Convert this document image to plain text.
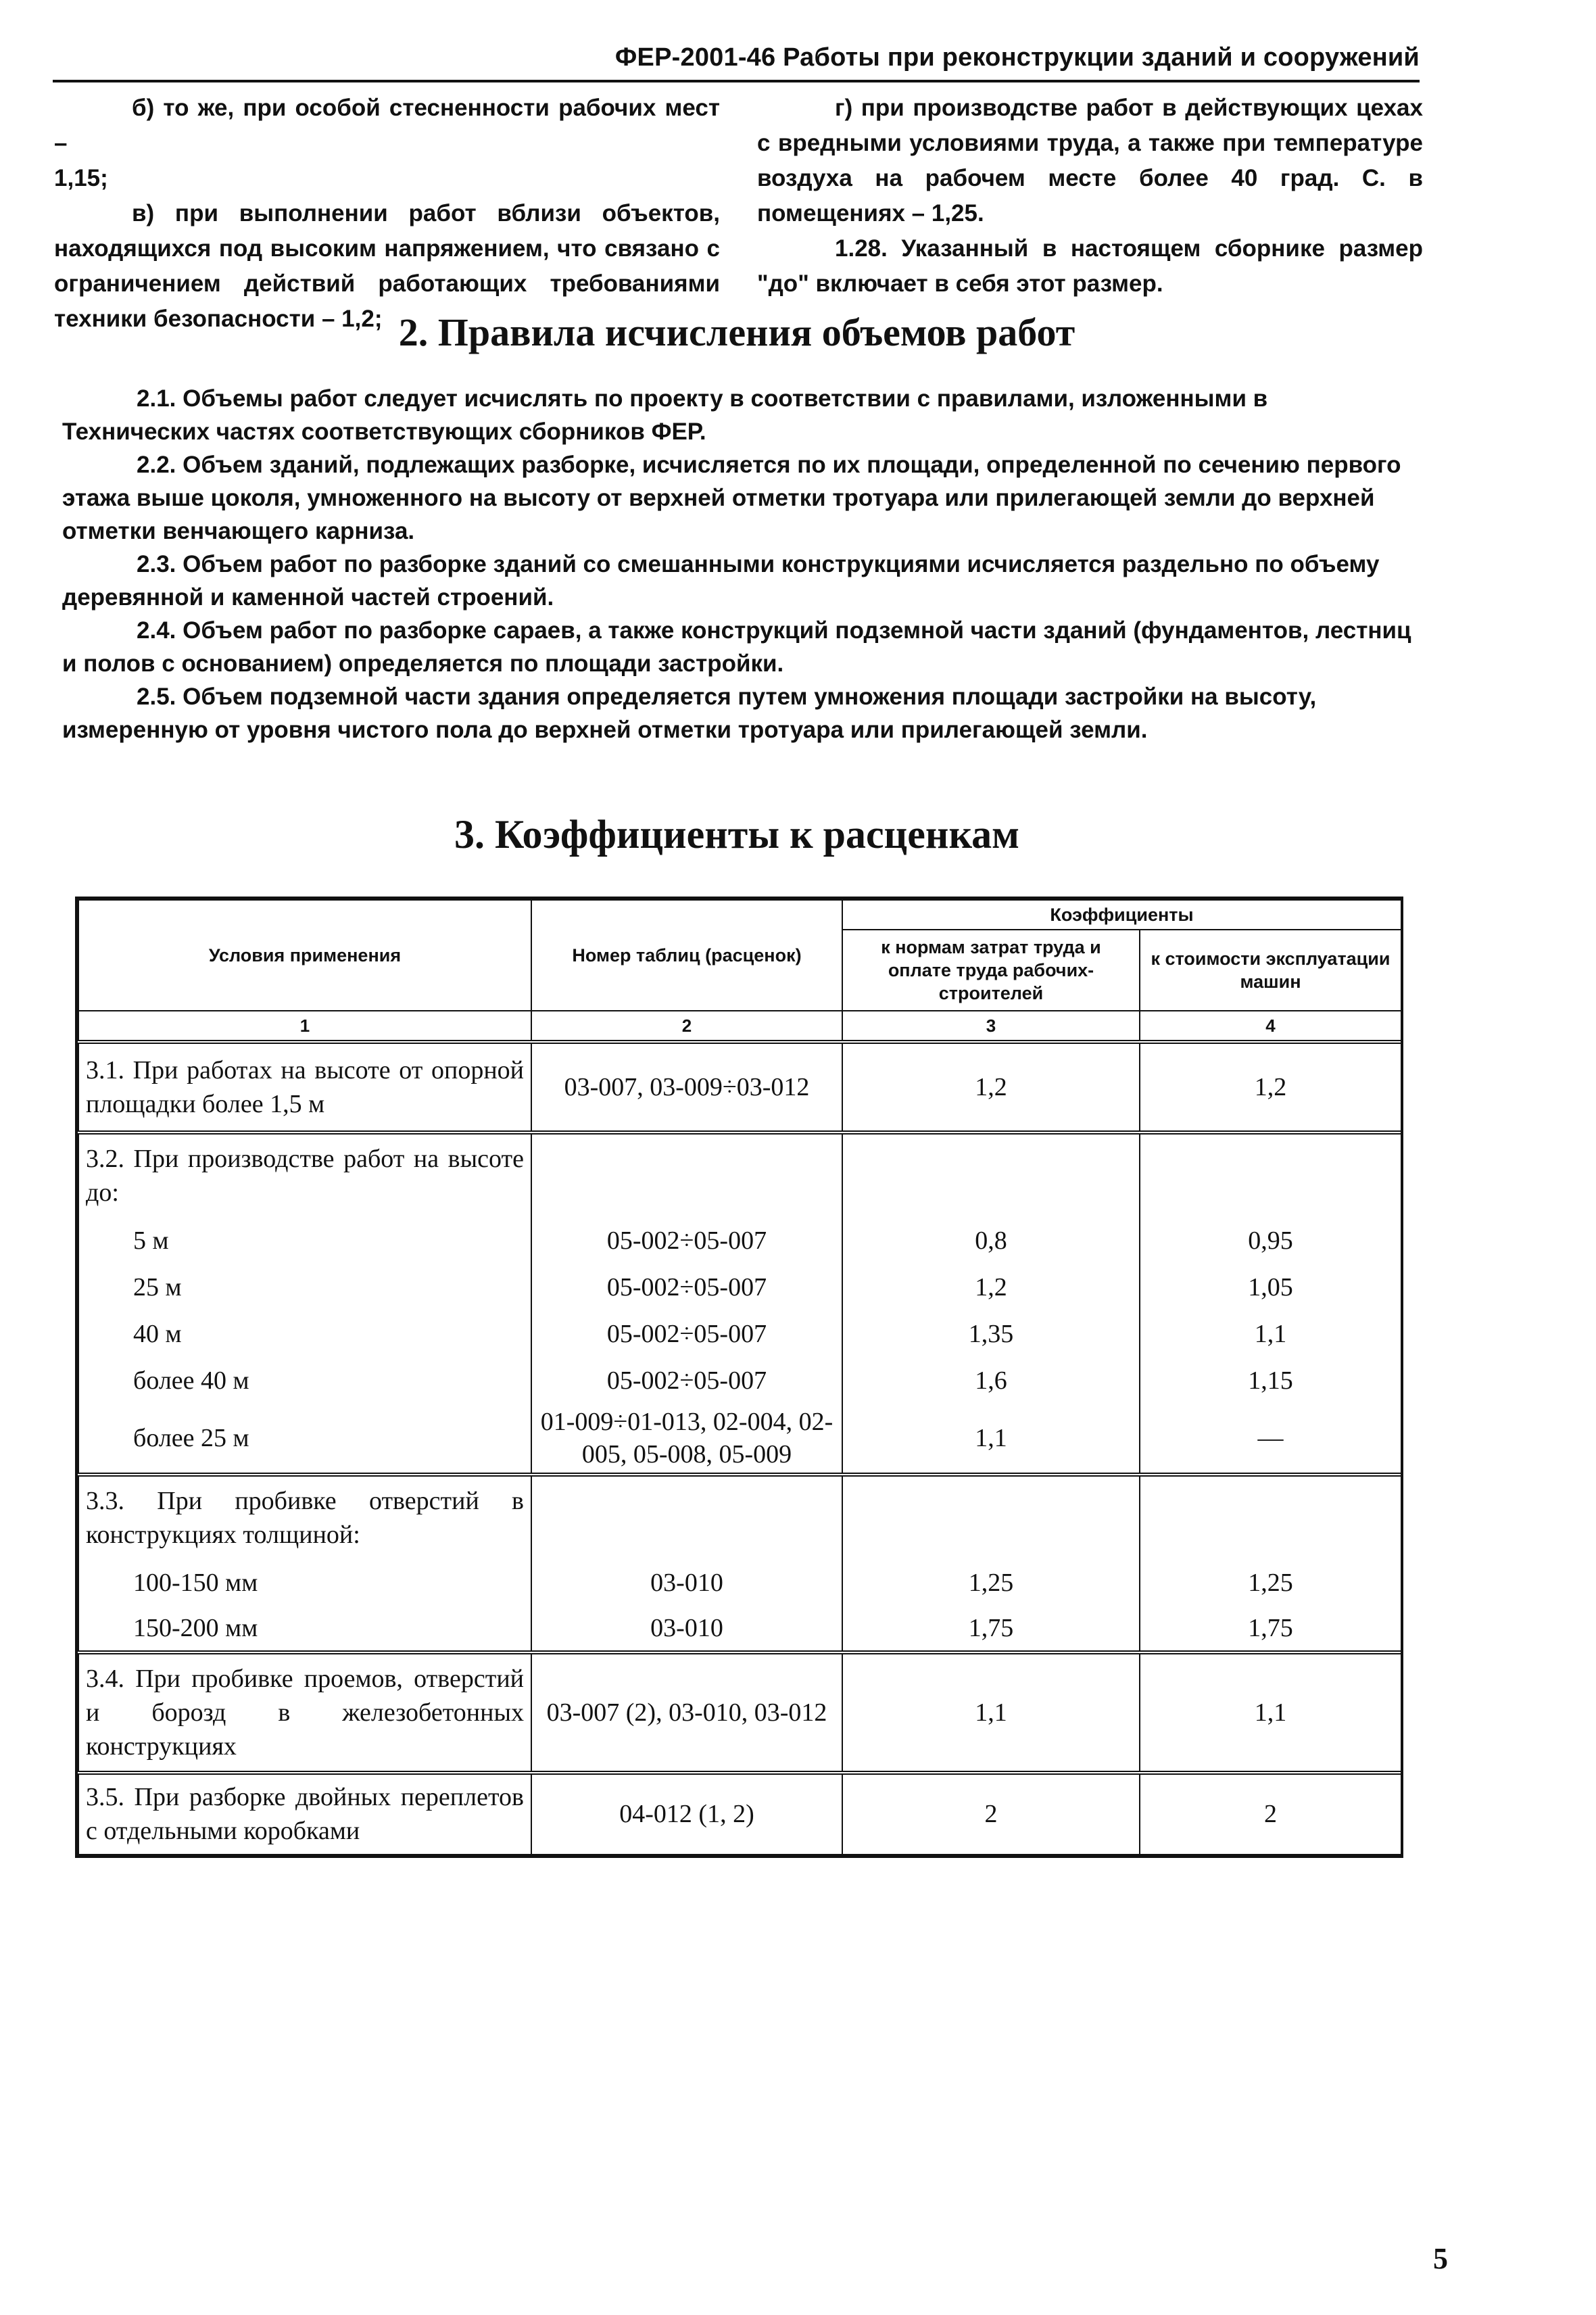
ФЕР-2001-46 Работы при реконструкции зданий и сооружений

б) то же, при особой стесненности рабочих мест –

1,15;

в) при выполнении работ вблизи объектов, находящихся под высоким напряжением, что связано с ограничением действий работающих требованиями техники безопасности – 1,2;

г) при производстве работ в действующих цехах с вредными условиями труда, а также при температуре воздуха на рабочем месте более 40 град. С. в помещениях – 1,25.

1.28. Указанный в настоящем сборнике размер "до" включает в себя этот размер.

2. Правила исчисления объемов работ

2.1. Объемы работ следует исчислять по проекту в соответствии с правилами, изложенными в Технических частях соответствующих сборников ФЕР.

2.2. Объем зданий, подлежащих разборке, исчисляется по их площади, определенной по сечению первого этажа выше цоколя, умноженного на высоту от верхней отметки тротуара или прилегающей земли до верхней отметки венчающего карниза.

2.3. Объем работ по разборке зданий со смешанными конструкциями исчисляется раздельно по объему деревянной и каменной частей строений.

2.4. Объем работ по разборке сараев, а также конструкций подземной части зданий (фундаментов, лестниц и полов с основанием) определяется по площади застройки.

2.5. Объем подземной части здания определяется путем умножения площади застройки на высоту, измеренную от уровня чистого пола до верхней отметки тротуара или прилегающей земли.

3. Коэффициенты к расценкам
Условия применения	Номер таблиц (расценок)	Коэффициенты	
		к нормам затрат труда и оплате труда рабочих-строителей	к стоимости эксплуатации машин
1	2	3	4
3.1. При работах на высоте от опорной площадки более 1,5 м	03-007, 03-009÷03-012	1,2	1,2
3.2. При производстве работ на высоте до:			
5 м	05-002÷05-007	0,8	0,95
25 м	05-002÷05-007	1,2	1,05
40 м	05-002÷05-007	1,35	1,1
более 40 м	05-002÷05-007	1,6	1,15
более 25 м	01-009÷01-013, 02-004, 02-005, 05-008, 05-009	1,1	—
3.3. При пробивке отверстий в конструкциях толщиной:			
100-150 мм	03-010	1,25	1,25
150-200 мм	03-010	1,75	1,75
3.4. При пробивке проемов, отверстий и борозд в железобетонных конструкциях	03-007 (2), 03-010, 03-012	1,1	1,1
3.5. При разборке двойных переплетов с отдельными коробками	04-012 (1, 2)	2	2
5
